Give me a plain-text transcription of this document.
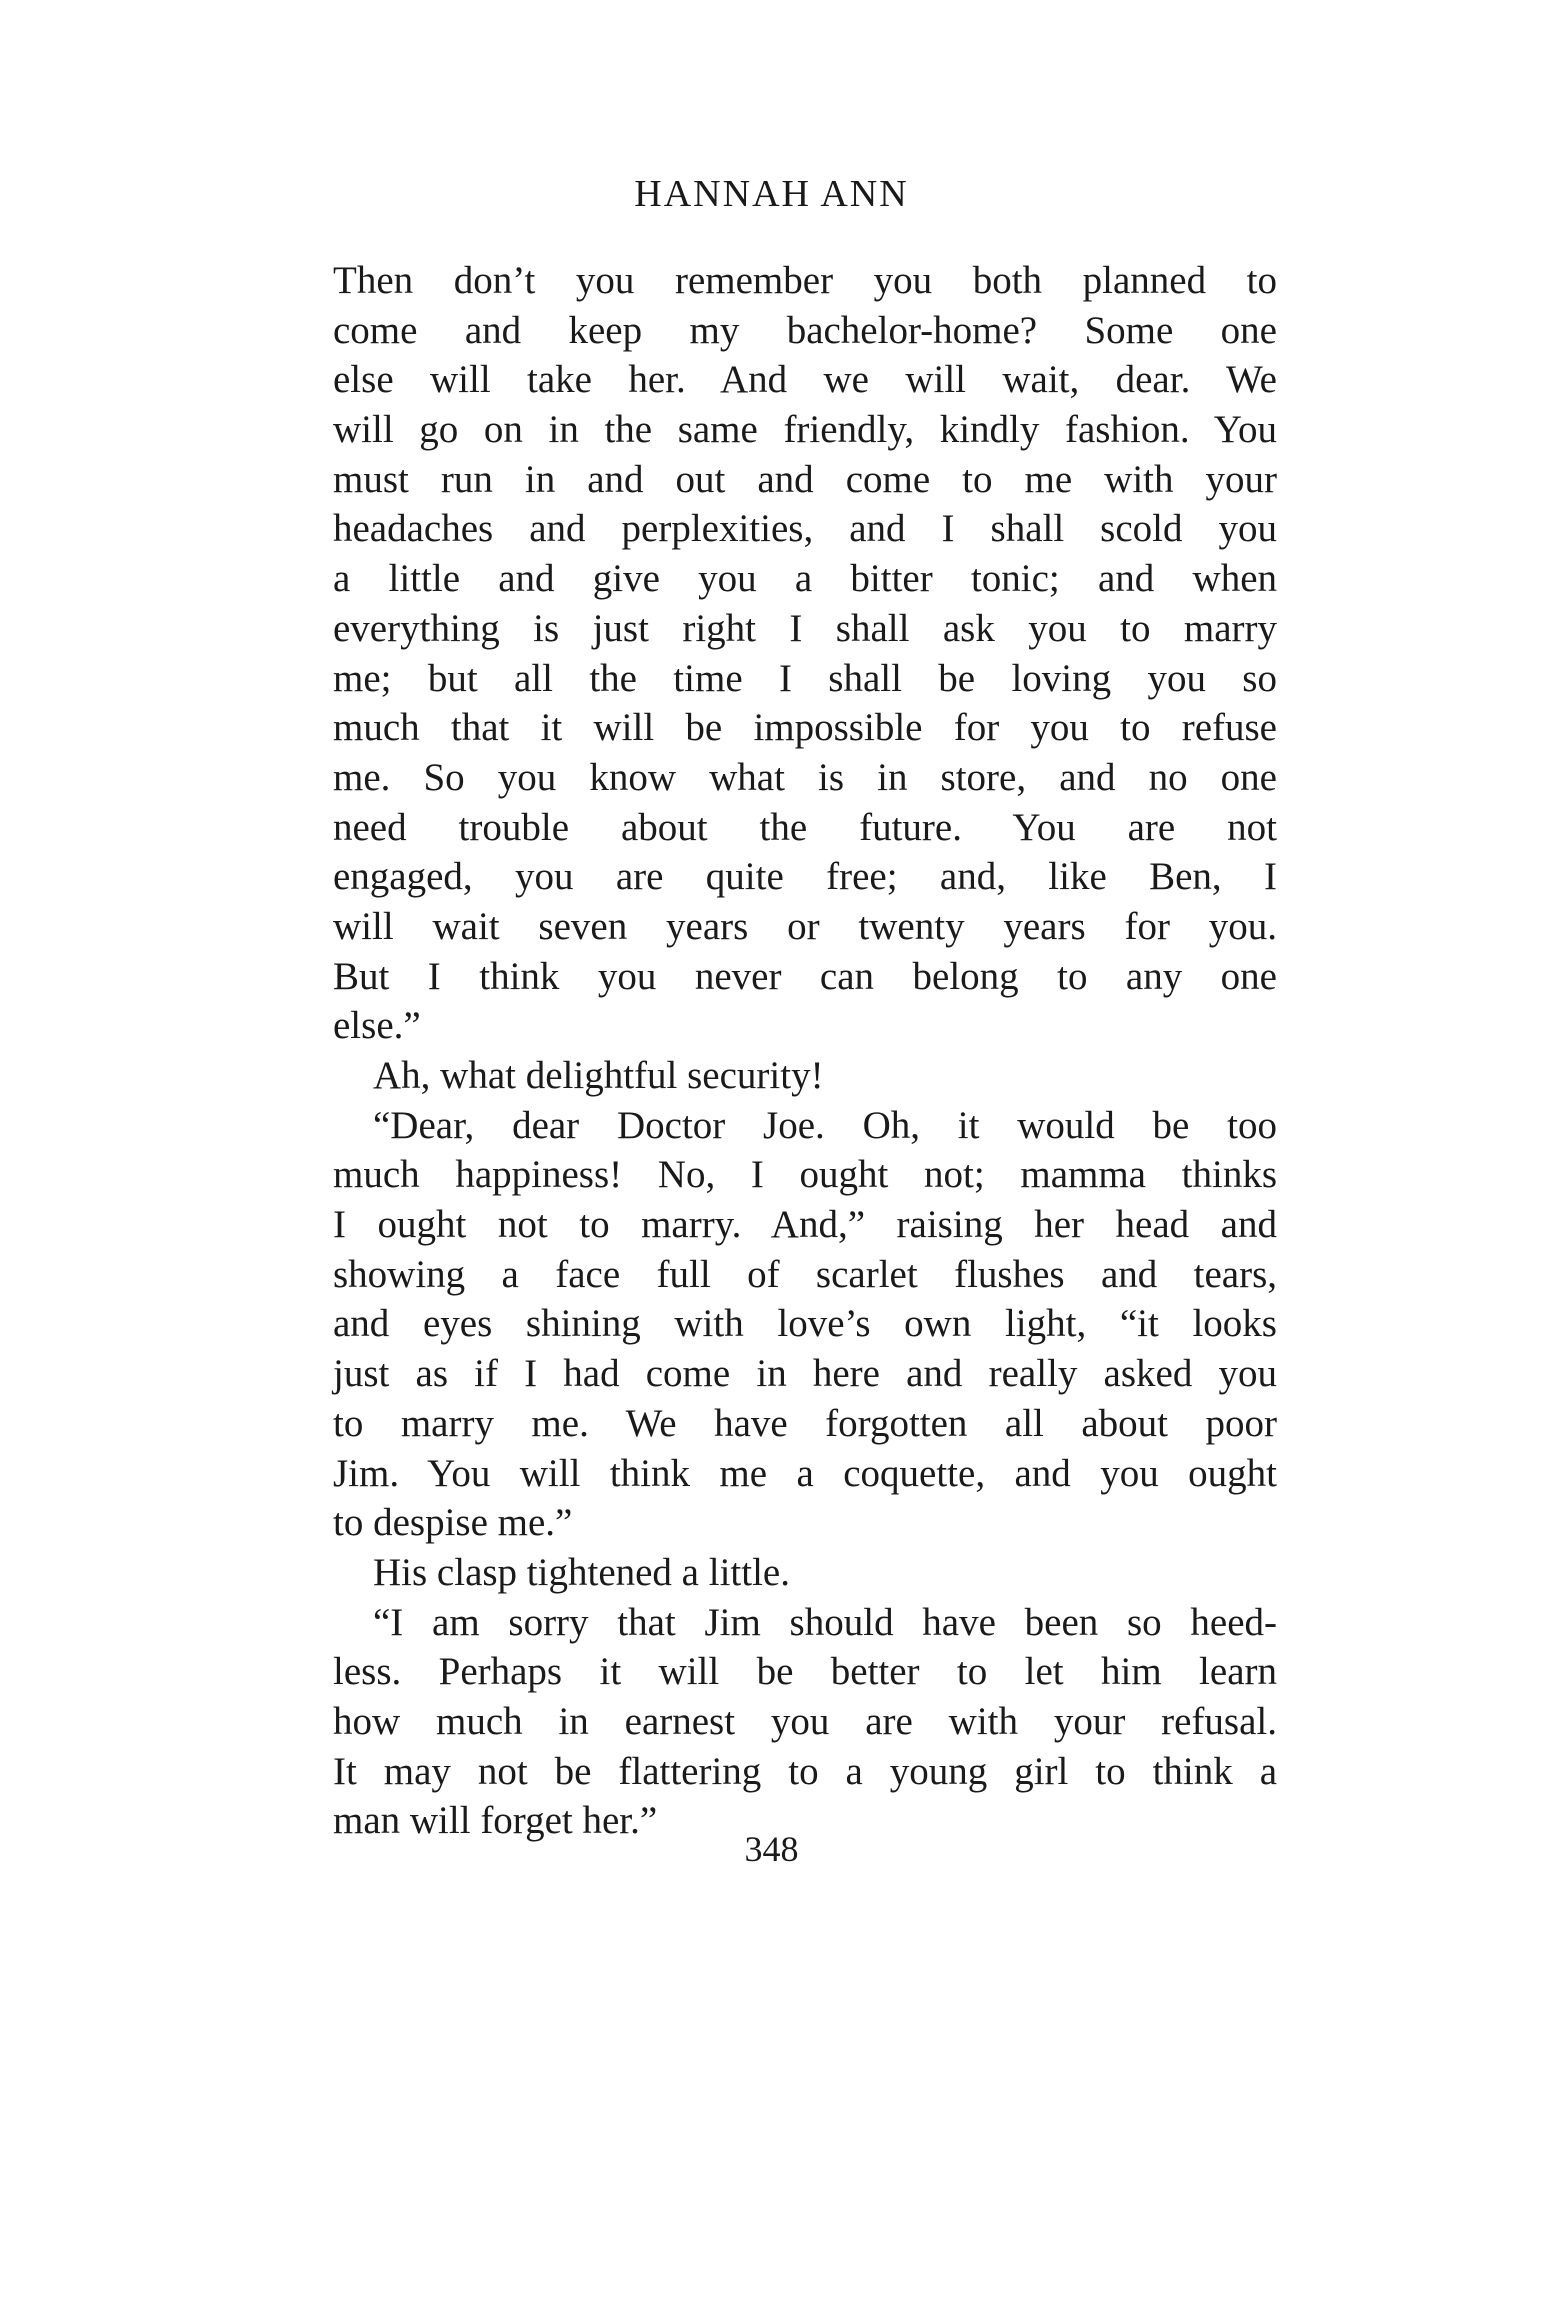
HANNAH ANN
Then don’t you remember you both planned to
come and keep my bachelor-home? Some one
else will take her. And we will wait, dear. We
will go on in the same friendly, kindly fashion. You
must run in and out and come to me with your
headaches and perplexities, and I shall scold you
a little and give you a bitter tonic; and when
everything is just right I shall ask you to marry
me; but all the time I shall be loving you so
much that it will be impossible for you to refuse
me. So you know what is in store, and no one
need trouble about the future. You are not
engaged, you are quite free; and, like Ben, I
will wait seven years or twenty years for you.
But I think you never can belong to any one
else.”
Ah, what delightful security!
“Dear, dear Doctor Joe. Oh, it would be too
much happiness! No, I ought not; mamma thinks
I ought not to marry. And,” raising her head and
showing a face full of scarlet flushes and tears,
and eyes shining with love’s own light, “it looks
just as if I had come in here and really asked you
to marry me. We have forgotten all about poor
Jim. You will think me a coquette, and you ought
to despise me.”
His clasp tightened a little.
“I am sorry that Jim should have been so heed-
less. Perhaps it will be better to let him learn
how much in earnest you are with your refusal.
It may not be flattering to a young girl to think a
man will forget her.”
348
